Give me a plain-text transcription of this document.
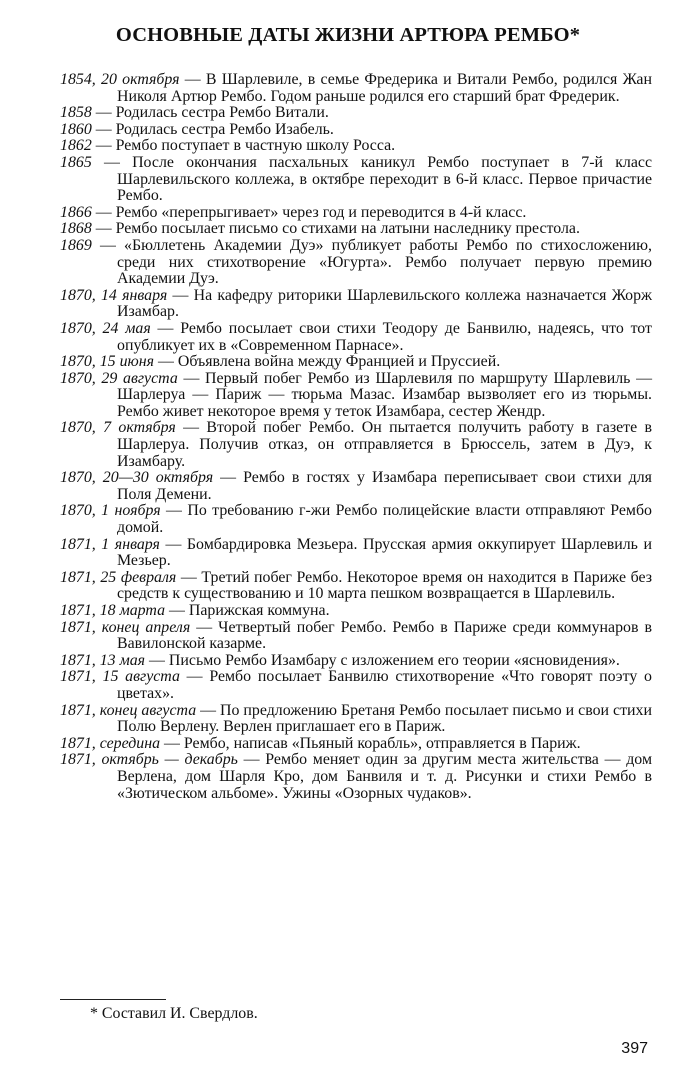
ОСНОВНЫЕ ДАТЫ ЖИЗНИ АРТЮРА РЕМБО*

1854, 20 октября — В Шарлевиле, в семье Фредерика и Витали Рембо, родился Жан Николя Артюр Рембо. Годом раньше родился его старший брат Фредерик.

1858 — Родилась сестра Рембо Витали.

1860 — Родилась сестра Рембо Изабель.

1862 — Рембо поступает в частную школу Росса.

1865 — После окончания пасхальных каникул Рембо поступает в 7-й класс Шарлевильского коллежа, в октябре переходит в 6-й класс. Первое причастие Рембо.

1866 — Рембо «перепрыгивает» через год и переводится в 4-й класс.

1868 — Рембо посылает письмо со стихами на латыни наследнику престола.

1869 — «Бюллетень Академии Дуэ» публикует работы Рембо по стихосложению, среди них стихотворение «Югурта». Рембо получает первую премию Академии Дуэ.

1870, 14 января — На кафедру риторики Шарлевильского коллежа назначается Жорж Изамбар.

1870, 24 мая — Рембо посылает свои стихи Теодору де Банвилю, надеясь, что тот опубликует их в «Современном Парнасе».

1870, 15 июня — Объявлена война между Францией и Пруссией.

1870, 29 августа — Первый побег Рембо из Шарлевиля по маршруту Шарлевиль — Шарлеруа — Париж — тюрьма Мазас. Изамбар вызволяет его из тюрьмы. Рембо живет некоторое время у теток Изамбара, сестер Жендр.

1870, 7 октября — Второй побег Рембо. Он пытается получить работу в газете в Шарлеруа. Получив отказ, он отправляется в Брюссель, затем в Дуэ, к Изамбару.

1870, 20—30 октября — Рембо в гостях у Изамбара переписывает свои стихи для Поля Демени.

1870, 1 ноября — По требованию г-жи Рембо полицейские власти отправляют Рембо домой.

1871, 1 января — Бомбардировка Мезьера. Прусская армия оккупирует Шарлевиль и Мезьер.

1871, 25 февраля — Третий побег Рембо. Некоторое время он находится в Париже без средств к существованию и 10 марта пешком возвращается в Шарлевиль.

1871, 18 марта — Парижская коммуна.

1871, конец апреля — Четвертый побег Рембо. Рембо в Париже среди коммунаров в Вавилонской казарме.

1871, 13 мая — Письмо Рембо Изамбару с изложением его теории «ясновидения».

1871, 15 августа — Рембо посылает Банвилю стихотворение «Что говорят поэту о цветах».

1871, конец августа — По предложению Бретаня Рембо посылает письмо и свои стихи Полю Верлену. Верлен приглашает его в Париж.

1871, середина — Рембо, написав «Пьяный корабль», отправляется в Париж.

1871, октябрь — декабрь — Рембо меняет один за другим места жительства — дом Верлена, дом Шарля Кро, дом Банвиля и т. д. Рисунки и стихи Рембо в «Зютическом альбоме». Ужины «Озорных чудаков».

* Составил И. Свердлов.
397
